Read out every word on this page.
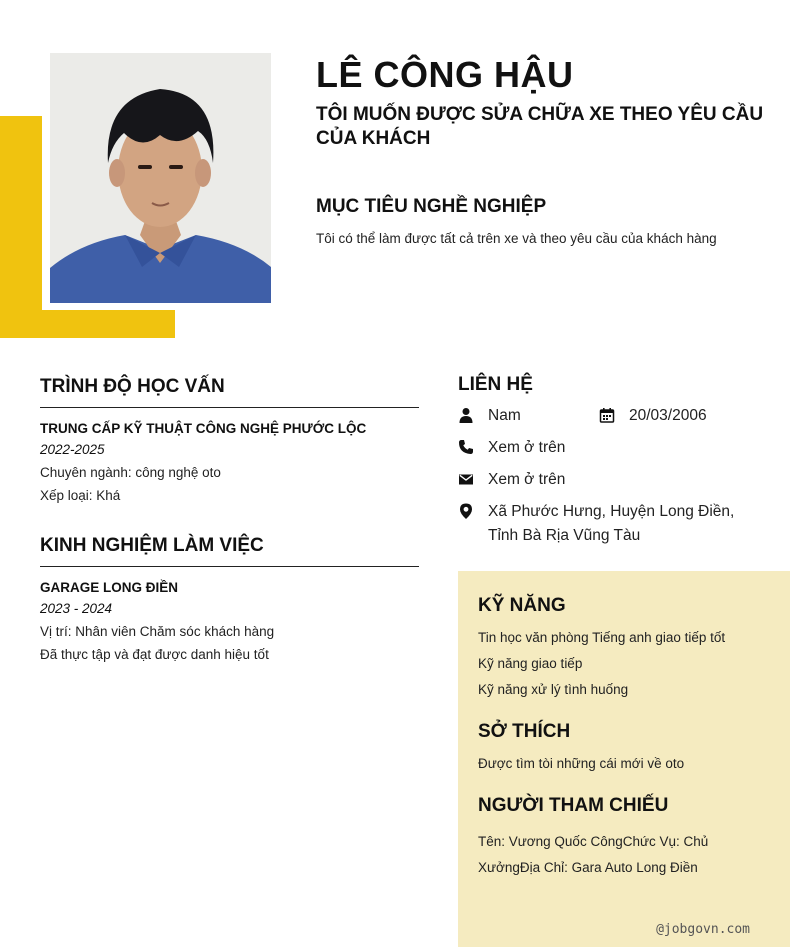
LÊ CÔNG HẬU
TÔI MUỐN ĐƯỢC SỬA CHỮA XE THEO YÊU CẦU CỦA KHÁCH
MỤC TIÊU NGHỀ NGHIỆP
Tôi có thể làm được tất cả trên xe và theo yêu cầu của khách hàng
TRÌNH ĐỘ HỌC VẤN
TRUNG CẤP KỸ THUẬT CÔNG NGHỆ PHƯỚC LỘC
2022-2025
Chuyên ngành: công nghệ oto
Xếp loại: Khá
KINH NGHIỆM LÀM VIỆC
GARAGE LONG ĐIỀN
2023 - 2024
Vị trí: Nhân viên Chăm sóc khách hàng
Đã thực tập và đạt được danh hiệu tốt
LIÊN HỆ
Nam	20/03/2006
Xem ở trên
Xem ở trên
Xã Phước Hưng, Huyện Long Điền, Tỉnh Bà Rịa Vũng Tàu
KỸ NĂNG
Tin học văn phòng Tiếng anh giao tiếp tốt
Kỹ năng giao tiếp
Kỹ năng xử lý tình huống
SỞ THÍCH
Được tìm tòi những cái mới về oto
NGƯỜI THAM CHIẾU
Tên: Vương Quốc CôngChức Vụ: Chủ XưởngĐịa Chỉ: Gara Auto Long Điền
@jobgovn.com
